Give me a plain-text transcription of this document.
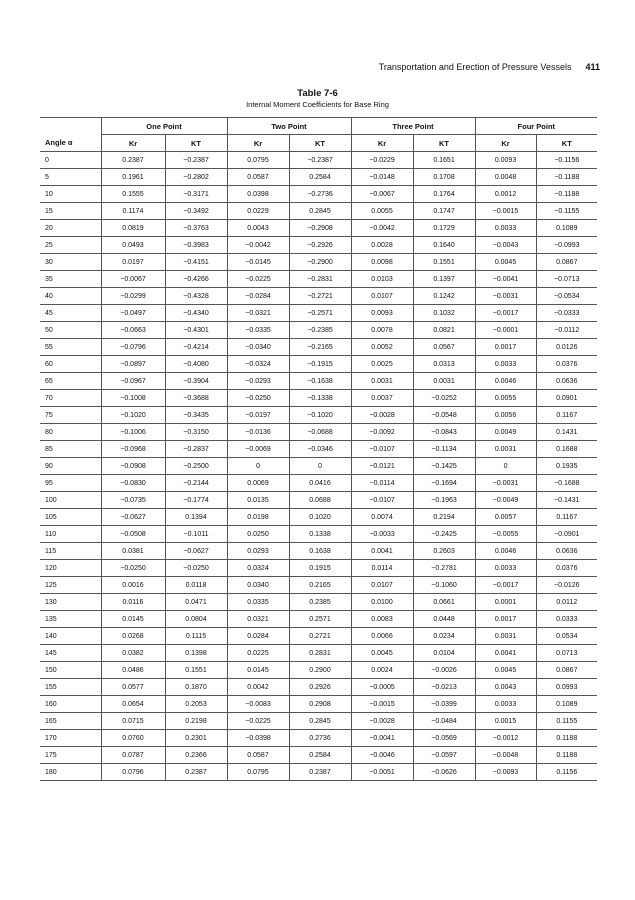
Transportation and Erection of Pressure Vessels 411
Table 7-6
Internal Moment Coefficients for Base Ring
	One Point		Two Point		Three Point		Four Point	
Angle α	Kr	KT	Kr	KT	Kr	KT	Kr	KT
0	0.2387	−0.2387	0.0795	−0.2387	−0.0229	0.1651	0.0093	−0.1156
5	0.1961	−0.2802	0.0587	0.2584	−0.0148	0.1708	0.0048	−0.1188
10	0.1555	−0.3171	0.0398	−0.2736	−0.0067	0.1764	0.0012	−0.1188
15	0.1174	−0.3492	0.0229	0.2845	0.0055	0.1747	−0.0015	−0.1155
20	0.0819	−0.3763	0.0043	−0.2908	−0.0042	0.1729	0.0033	0.1089
25	0.0493	−0.3983	−0.0042	−0.2926	0.0028	0.1640	−0.0043	−0.0993
30	0.0197	−0.4151	−0.0145	−0.2900	0.0098	0.1551	0.0045	0.0867
35	−0.0067	−0.4266	−0.0225	−0.2831	0.0103	0.1397	−0.0041	−0.0713
40	−0.0299	−0.4328	−0.0284	−0.2721	0.0107	0.1242	−0.0031	−0.0534
45	−0.0497	−0.4340	−0.0321	−0.2571	0.0093	0.1032	−0.0017	−0.0333
50	−0.0663	−0.4301	−0.0335	−0.2385	0.0078	0.0821	−0.0001	−0.0112
55	−0.0796	−0.4214	−0.0340	−0.2165	0.0052	0.0567	0.0017	0.0126
60	−0.0897	−0.4080	−0.0324	−0.1915	0.0025	0.0313	0.0033	0.0376
65	−0.0967	−0.3904	−0.0293	−0.1638	0.0031	0.0031	0.0046	0.0636
70	−0.1008	−0.3688	−0.0250	−0.1338	0.0037	−0.0252	0.0055	0.0901
75	−0.1020	−0.3435	−0.0197	−0.1020	−0.0028	−0.0548	0.0056	0.1167
80	−0.1006	−0.3150	−0.0136	−0.0688	−0.0092	−0.0843	0.0049	0.1431
85	−0.0968	−0.2837	−0.0069	−0.0346	−0.0107	−0.1134	0.0031	0.1688
90	−0.0908	−0.2500	0	0	−0.0121	−0.1425	0	0.1935
95	−0.0830	−0.2144	0.0069	0.0416	−0.0114	−0.1694	−0.0031	−0.1688
100	−0.0735	−0.1774	0.0135	0.0688	−0.0107	−0.1963	−0.0049	−0.1431
105	−0.0627	0.1394	0.0198	0.1020	0.0074	0.2194	0.0057	0.1167
110	−0.0508	−0.1011	0.0250	0.1338	−0.0033	−0.2425	−0.0055	−0.0901
115	0.0381	−0.0627	0.0293	0.1638	0.0041	0.2603	0.0046	0.0636
120	−0.0250	−0.0250	0.0324	0.1915	0.0114	−0.2781	0.0033	0.0376
125	0.0016	0.0118	0.0340	0.2165	0.0107	−0.1060	−0.0017	−0.0126
130	0.0116	0.0471	0.0335	0.2385	0.0100	0.0661	0.0001	0.0112
135	0.0145	0.0804	0.0321	0.2571	0.0083	0.0448	0.0017	0.0333
140	0.0268	0.1115	0.0284	0.2721	0.0066	0.0234	0.0031	0.0534
145	0.0382	0.1398	0.0225	0.2831	0.0045	0.0104	0.0041	0.0713
150	0.0486	0.1551	0.0145	0.2900	0.0024	−0.0026	0.0045	0.0867
155	0.0577	0.1870	0.0042	0.2926	−0.0005	−0.0213	0.0043	0.0993
160	0.0654	0.2053	−0.0083	0.2908	−0.0015	−0.0399	0.0033	0.1089
165	0.0715	0.2198	−0.0225	0.2845	−0.0028	−0.0484	0.0015	0.1155
170	0.0760	0.2301	−0.0398	0.2736	−0.0041	−0.0569	−0.0012	0.1188
175	0.0787	0.2366	0.0587	0.2584	−0.0046	−0.0597	−0.0048	0.1188
180	0.0796	0.2387	0.0795	0.2387	−0.0051	−0.0626	−0.0093	0.1156
